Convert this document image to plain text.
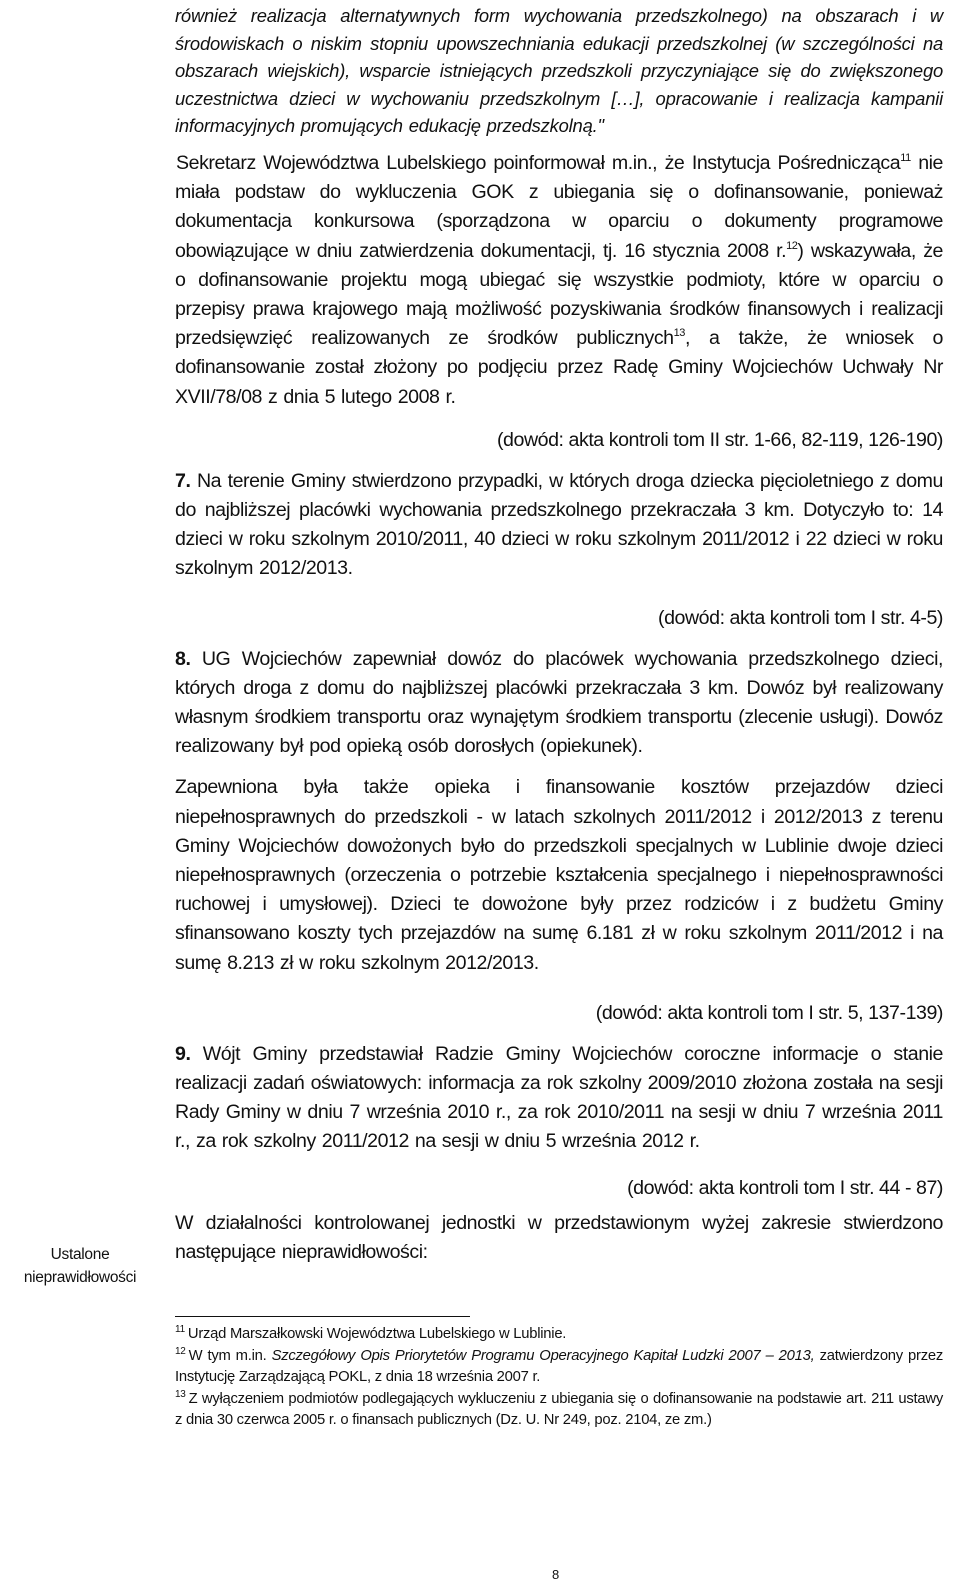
również realizacja alternatywnych form wychowania przedszkolnego) na obszarach i w środowiskach o niskim stopniu upowszechniania edukacji przedszkolnej (w szczególności na obszarach wiejskich), wsparcie istniejących przedszkoli przyczyniające się do zwiększonego uczestnictwa dzieci w wychowaniu przedszkolnym […], opracowanie i realizacja kampanii informacyjnych promujących edukację przedszkolną."

Sekretarz Województwa Lubelskiego poinformował m.in., że Instytucja Pośrednicząca$^{11}$ nie miała podstaw do wykluczenia GOK z ubiegania się o dofinansowanie, ponieważ dokumentacja konkursowa (sporządzona w oparciu o dokumenty programowe obowiązujące w dniu zatwierdzenia dokumentacji, tj. 16 stycznia 2008 r.$^{12}$) wskazywała, że o dofinansowanie projektu mogą ubiegać się wszystkie podmioty, które w oparciu o przepisy prawa krajowego mają możliwość pozyskiwania środków finansowych i realizacji przedsięwzięć realizowanych ze środków publicznych$^{13}$, a także, że wniosek o dofinansowanie został złożony po podjęciu przez Radę Gminy Wojciechów Uchwały Nr XVII/78/08 z dnia 5 lutego 2008 r.

(dowód: akta kontroli tom II str. 1-66, 82-119, 126-190)

7. Na terenie Gminy stwierdzono przypadki, w których droga dziecka pięcioletniego z domu do najbliższej placówki wychowania przedszkolnego przekraczała 3 km. Dotyczyło to: 14 dzieci w roku szkolnym 2010/2011, 40 dzieci w roku szkolnym 2011/2012 i 22 dzieci w roku szkolnym 2012/2013.

(dowód: akta kontroli tom I str. 4-5)

8. UG Wojciechów zapewniał dowóz do placówek wychowania przedszkolnego dzieci, których droga z domu do najbliższej placówki przekraczała 3 km. Dowóz był realizowany własnym środkiem transportu oraz wynajętym środkiem transportu (zlecenie usługi). Dowóz realizowany był pod opieką osób dorosłych (opiekunek).

Zapewniona była także opieka i finansowanie kosztów przejazdów dzieci niepełnosprawnych do przedszkoli - w latach szkolnych 2011/2012 i 2012/2013 z terenu Gminy Wojciechów dowożonych było do przedszkoli specjalnych w Lublinie dwoje dzieci niepełnosprawnych (orzeczenia o potrzebie kształcenia specjalnego i niepełnosprawności ruchowej i umysłowej). Dzieci te dowożone były przez rodziców i z budżetu Gminy sfinansowano koszty tych przejazdów na sumę 6.181 zł w roku szkolnym 2011/2012 i na sumę 8.213 zł w roku szkolnym 2012/2013.

(dowód: akta kontroli tom I str. 5, 137-139)

9. Wójt Gminy przedstawiał Radzie Gminy Wojciechów coroczne informacje o stanie realizacji zadań oświatowych: informacja za rok szkolny 2009/2010 złożona została na sesji Rady Gminy w dniu 7 września 2010 r., za rok 2010/2011 na sesji w dniu 7 września 2011 r., za rok szkolny 2011/2012 na sesji w dniu 5 września 2012 r.

(dowód: akta kontroli tom I str. 44 - 87)

W działalności kontrolowanej jednostki w przedstawionym wyżej zakresie stwierdzono następujące nieprawidłowości:

Ustalone
nieprawidłowości

$^{11}$ Urząd Marszałkowski Województwa Lubelskiego w Lublinie.

$^{12}$ W tym m.in. Szczegółowy Opis Priorytetów Programu Operacyjnego Kapitał Ludzki 2007 – 2013, zatwierdzony przez Instytucję Zarządzającą POKL, z dnia 18 września 2007 r.

$^{13}$ Z wyłączeniem podmiotów podlegających wykluczeniu z ubiegania się o dofinansowanie na podstawie art. 211 ustawy z dnia 30 czerwca 2005 r. o finansach publicznych (Dz. U. Nr 249, poz. 2104, ze zm.)

8
